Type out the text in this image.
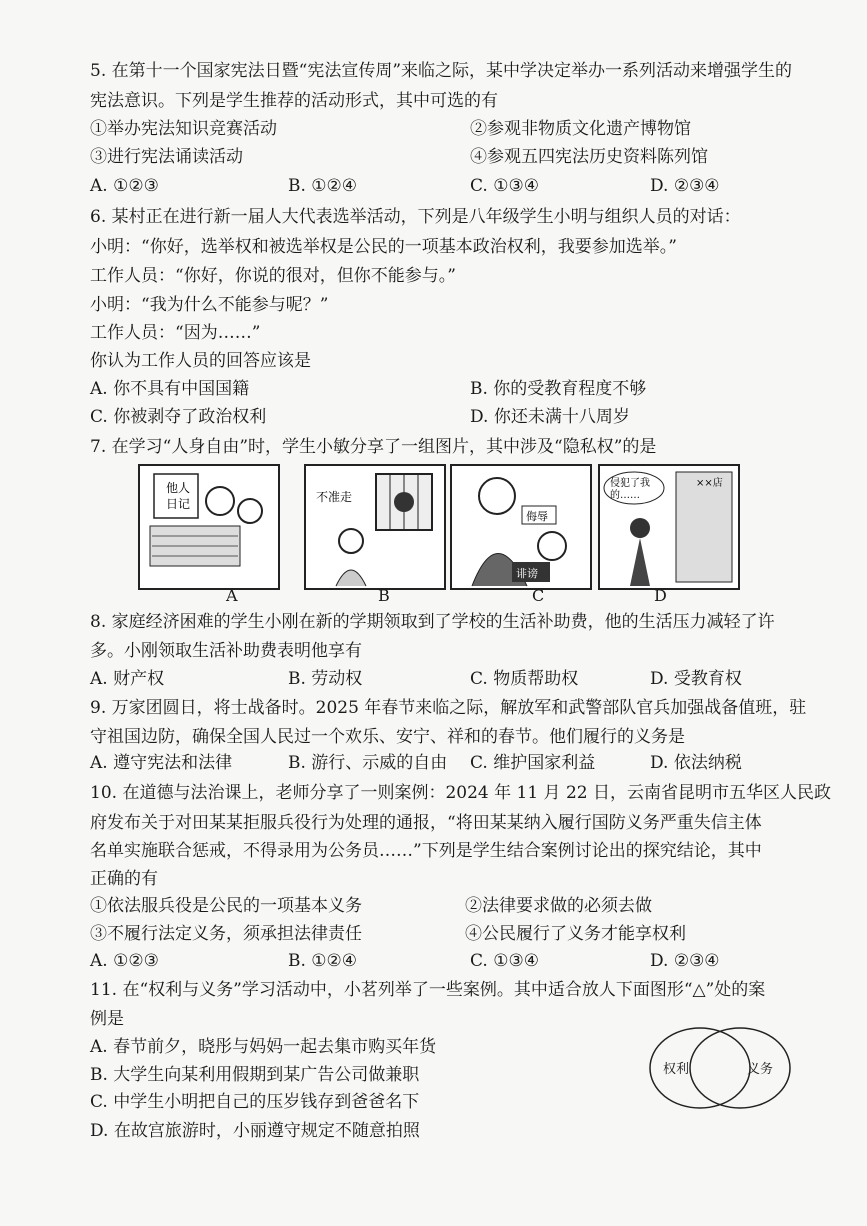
5. 在第十一个国家宪法日暨“宪法宣传周”来临之际，某中学决定举办一系列活动来增强学生的
宪法意识。下列是学生推荐的活动形式，其中可选的有
①举办宪法知识竞赛活动	②参观非物质文化遗产博物馆
③进行宪法诵读活动	④参观五四宪法历史资料陈列馆
A. ①②③	B. ①②④	C. ①③④	D. ②③④
6. 某村正在进行新一届人大代表选举活动，下列是八年级学生小明与组织人员的对话：
小明：“你好，选举权和被选举权是公民的一项基本政治权利，我要参加选举。”
工作人员：“你好，你说的很对，但你不能参与。”
小明：“我为什么不能参与呢？”
工作人员：“因为……”
你认为工作人员的回答应该是
A. 你不具有中国国籍	B. 你的受教育程度不够
C. 你被剥夺了政治权利	D. 你还未满十八周岁
7. 在学习“人身自由”时，学生小敏分享了一组图片，其中涉及“隐私权”的是
他人
日记	不准走
侮辱
诽谤
××店
侵犯了我
的……
A	B	C	D
8. 家庭经济困难的学生小刚在新的学期领取到了学校的生活补助费，他的生活压力减轻了许
多。小刚领取生活补助费表明他享有
A. 财产权	B. 劳动权	C. 物质帮助权	D. 受教育权
9. 万家团圆日，将士战备时。2025 年春节来临之际，解放军和武警部队官兵加强战备值班，驻
守祖国边防，确保全国人民过一个欢乐、安宁、祥和的春节。他们履行的义务是
A. 遵守宪法和法律	B. 游行、示威的自由 C. 维护国家利益	D. 依法纳税
10. 在道德与法治课上，老师分享了一则案例：2024 年 11 月 22 日，云南省昆明市五华区人民政
府发布关于对田某某拒服兵役行为处理的通报，“将田某某纳入履行国防义务严重失信主体
名单实施联合惩戒，不得录用为公务员……”下列是学生结合案例讨论出的探究结论，其中
正确的有
①依法服兵役是公民的一项基本义务	②法律要求做的必须去做
③不履行法定义务，须承担法律责任	④公民履行了义务才能享权利
A. ①②③	B. ①②④	C. ①③④	D. ②③④
11. 在“权利与义务”学习活动中，小茗列举了一些案例。其中适合放人下面图形“△”处的案
例是
A. 春节前夕，晓彤与妈妈一起去集市购买年货
B. 大学生向某利用假期到某广告公司做兼职
C. 中学生小明把自己的压岁钱存到爸爸名下
D. 在故宫旅游时，小丽遵守规定不随意拍照
权利	义务
